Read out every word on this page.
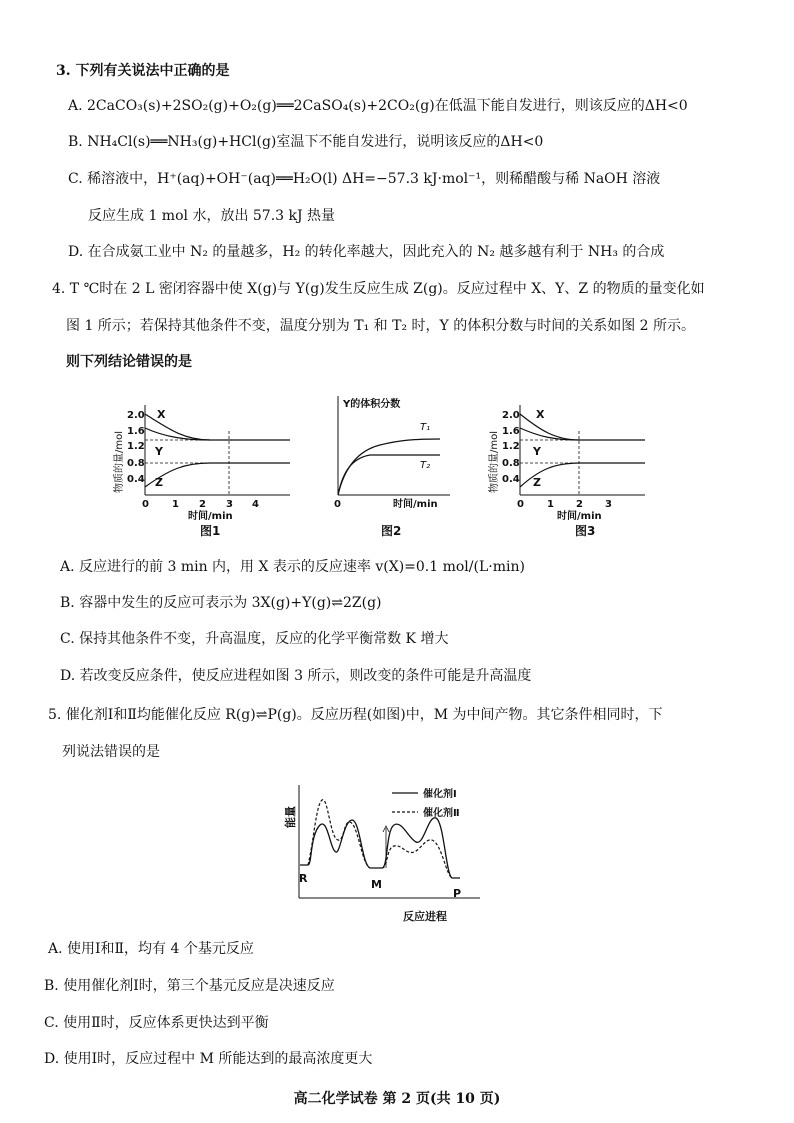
3. 下列有关说法中正确的是
A. 2CaCO₃(s)+2SO₂(g)+O₂(g)══2CaSO₄(s)+2CO₂(g)在低温下能自发进行，则该反应的ΔH<0
B. NH₄Cl(s)══NH₃(g)+HCl(g)室温下不能自发进行，说明该反应的ΔH<0
C. 稀溶液中，H⁺(aq)+OH⁻(aq)══H₂O(l) ΔH=−57.3 kJ·mol⁻¹，则稀醋酸与稀 NaOH 溶液
反应生成 1 mol 水，放出 57.3 kJ 热量
D. 在合成氨工业中 N₂ 的量越多，H₂ 的转化率越大，因此充入的 N₂ 越多越有利于 NH₃ 的合成
4. T ℃时在 2 L 密闭容器中使 X(g)与 Y(g)发生反应生成 Z(g)。反应过程中 X、Y、Z 的物质的量变化如
图 1 所示；若保持其他条件不变，温度分别为 T₁ 和 T₂ 时，Y 的体积分数与时间的关系如图 2 所示。
则下列结论错误的是
物质的量/mol
2.0
1.6
1.2
0.8
0.4
0 1 2 3 4
X
Y
Z
时间/min
图1
Y的体积分数
T₁
T₂
0	时间/min
图2
物质的量/mol
2.0
1.6
1.2
0.8
0.4
0 1 2 3
X
Y
Z
时间/min
图3
A. 反应进行的前 3 min 内，用 X 表示的反应速率 v(X)=0.1 mol/(L·min)
B. 容器中发生的反应可表示为 3X(g)+Y(g)⇌2Z(g)
C. 保持其他条件不变，升高温度，反应的化学平衡常数 K 增大
D. 若改变反应条件，使反应进程如图 3 所示，则改变的条件可能是升高温度
5. 催化剂Ⅰ和Ⅱ均能催化反应 R(g)⇌P(g)。反应历程(如图)中，M 为中间产物。其它条件相同时，下
列说法错误的是
能量
催化剂Ⅰ
催化剂Ⅱ
R	M
P
反应进程
A. 使用Ⅰ和Ⅱ，均有 4 个基元反应
B. 使用催化剂Ⅰ时，第三个基元反应是决速反应
C. 使用Ⅱ时，反应体系更快达到平衡
D. 使用Ⅰ时，反应过程中 M 所能达到的最高浓度更大
高二化学试卷 第 2 页(共 10 页)
